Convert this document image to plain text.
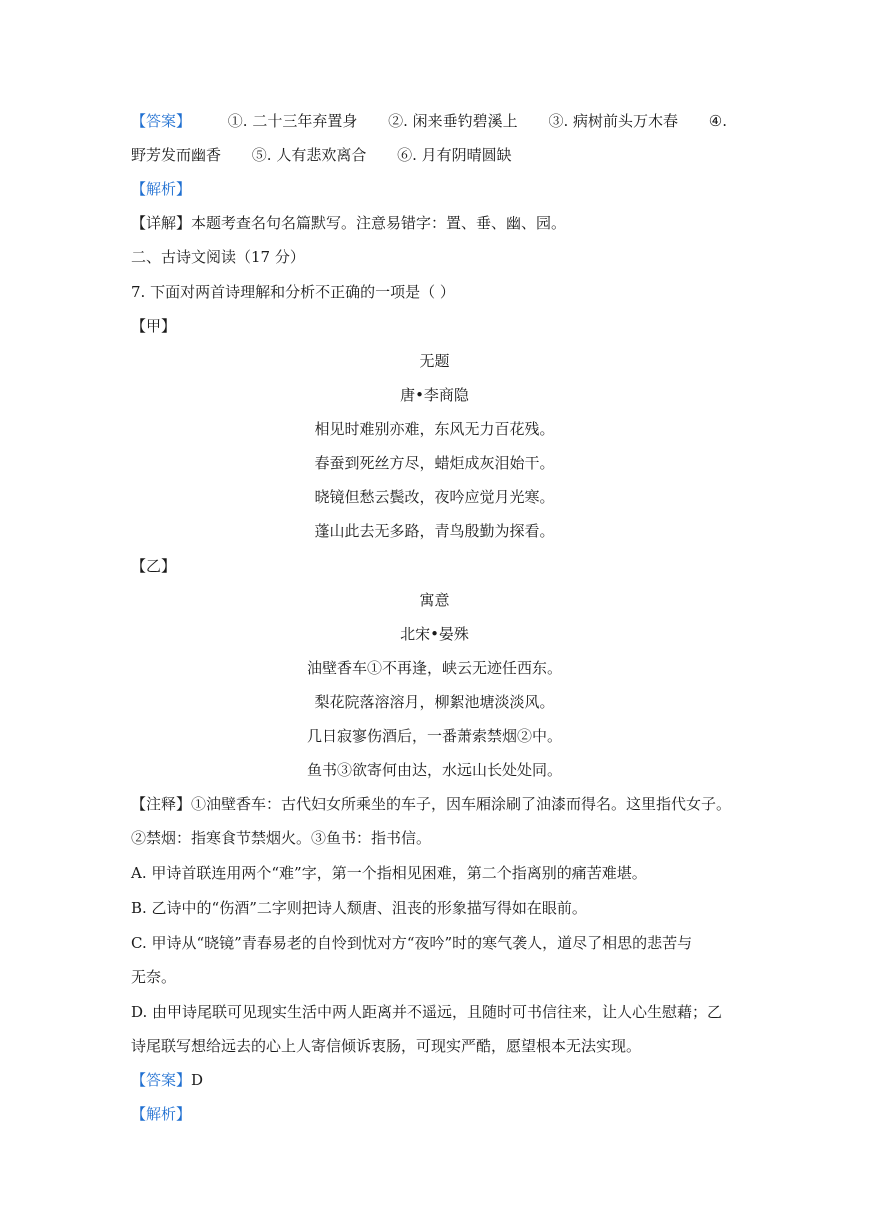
【答案】 ①. 二十三年弃置身 ②. 闲来垂钓碧溪上 ③. 病树前头万木春 ④.
野芳发而幽香 ⑤. 人有悲欢离合 ⑥. 月有阴晴圆缺
【解析】
【详解】本题考查名句名篇默写。注意易错字：置、垂、幽、园。
二、古诗文阅读（17 分）
7. 下面对两首诗理解和分析不正确的一项是（ ）
【甲】
无题
唐•李商隐
相见时难别亦难，东风无力百花残。
春蚕到死丝方尽，蜡炬成灰泪始干。
晓镜但愁云鬓改，夜吟应觉月光寒。
蓬山此去无多路，青鸟殷勤为探看。
【乙】
寓意
北宋•晏殊
油壁香车①不再逢，峡云无迹任西东。
梨花院落溶溶月，柳絮池塘淡淡风。
几日寂寥伤酒后，一番萧索禁烟②中。
鱼书③欲寄何由达，水远山长处处同。
【注释】①油壁香车：古代妇女所乘坐的车子，因车厢涂刷了油漆而得名。这里指代女子。
②禁烟：指寒食节禁烟火。③鱼书：指书信。
A. 甲诗首联连用两个“难”字，第一个指相见困难，第二个指离别的痛苦难堪。
B. 乙诗中的“伤酒”二字则把诗人颓唐、沮丧的形象描写得如在眼前。
C. 甲诗从“晓镜”青春易老的自怜到忧对方“夜吟”时的寒气袭人，道尽了相思的悲苦与
无奈。
D. 由甲诗尾联可见现实生活中两人距离并不遥远，且随时可书信往来，让人心生慰藉；乙
诗尾联写想给远去的心上人寄信倾诉衷肠，可现实严酷，愿望根本无法实现。
【答案】D
【解析】
